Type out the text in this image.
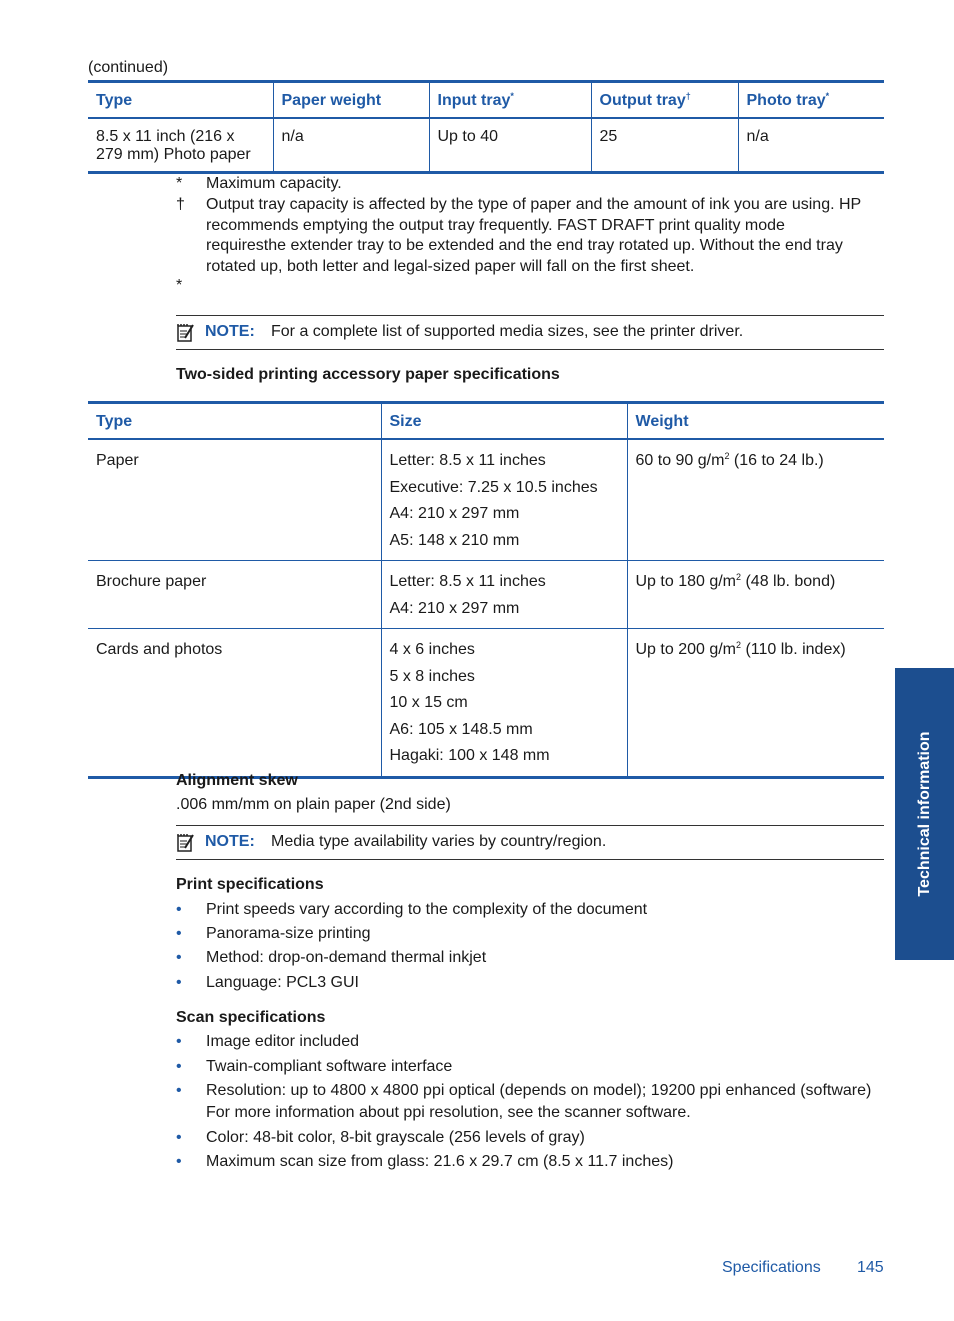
(continued)
Type	Paper weight	Input tray*	Output tray†	Photo tray*
8.5 x 11 inch (216 x 279 mm) Photo paper	n/a	Up to 40	25	n/a
*	Maximum capacity.
†	Output tray capacity is affected by the type of paper and the amount of ink you are using. HP recommends emptying the output tray frequently. FAST DRAFT print quality mode requiresthe extender tray to be extended and the end tray rotated up. Without the end tray rotated up, both letter and legal-sized paper will fall on the first sheet.
*
NOTE: For a complete list of supported media sizes, see the printer driver.
Two-sided printing accessory paper specifications
Type	Size	Weight

Paper	Letter: 8.5 x 11 inches
Executive: 7.25 x 10.5 inches
A4: 210 x 297 mm
A5: 148 x 210 mm	60 to 90 $g/m^2$ (16 to 24 lb.)

Brochure paper	Letter: 8.5 x 11 inches
A4: 210 x 297 mm	Up to 180 $g/m^2$ (48 lb. bond)

Cards and photos	4 x 6 inches
5 x 8 inches
10 x 15 cm
A6: 105 x 148.5 mm
Hagaki: 100 x 148 mm	Up to 200 $g/m^2$ (110 lb. index)
Alignment skew
.006 mm/mm on plain paper (2nd side)
NOTE: Media type availability varies by country/region.
Print specifications
• Print speeds vary according to the complexity of the document
• Panorama-size printing
• Method: drop-on-demand thermal inkjet
• Language: PCL3 GUI
Scan specifications
• Image editor included
• Twain-compliant software interface
• Resolution: up to 4800 x 4800 ppi optical (depends on model); 19200 ppi enhanced (software)
For more information about ppi resolution, see the scanner software.
• Color: 48-bit color, 8-bit grayscale (256 levels of gray)
• Maximum scan size from glass: 21.6 x 29.7 cm (8.5 x 11.7 inches)
Technical information
Specifications 145
